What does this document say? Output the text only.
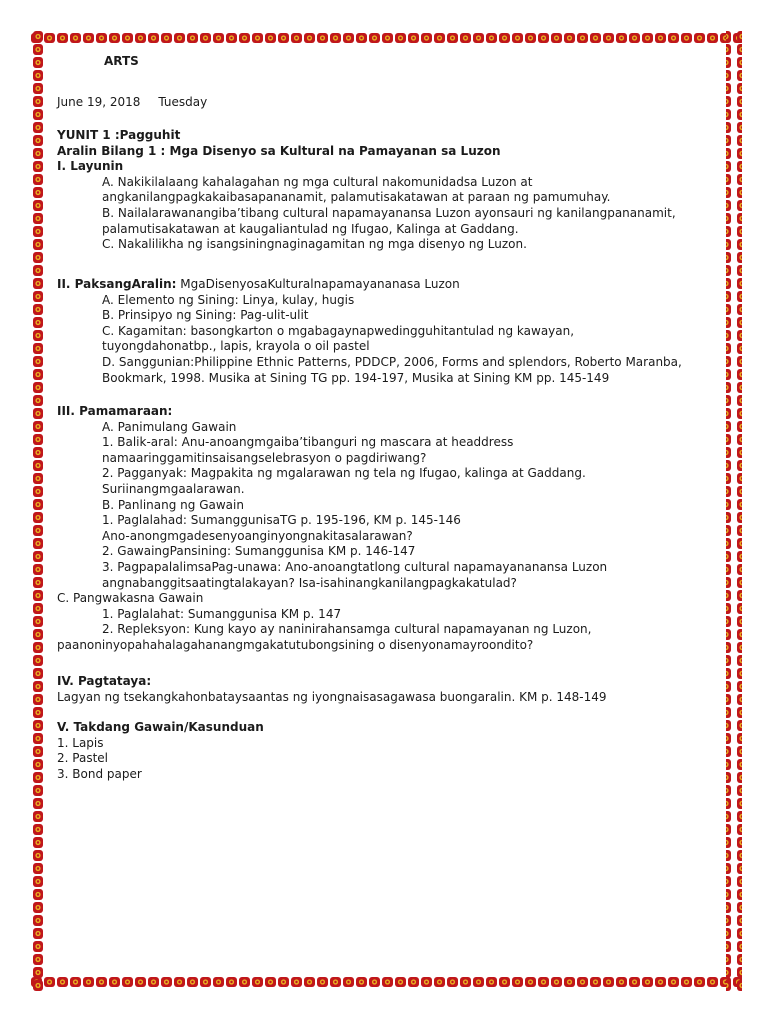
ARTS
June 19, 2018 Tuesday

YUNIT 1 :Pagguhit

Aralin Bilang 1 : Mga Disenyo sa Kultural na Pamayanan sa Luzon

I. Layunin

A. Nakikilalaang kahalagahan ng mga cultural nakomunidadsa Luzon at

angkanilangpagkakaibasapananamit, palamutisakatawan at paraan ng pamumuhay.

B. Nailalarawanangiba’tibang cultural napamayanansa Luzon ayonsauri ng kanilangpananamit,

palamutisakatawan at kaugaliantulad ng Ifugao, Kalinga at Gaddang.

C. Nakalilikha ng isangsiningnaginagamitan ng mga disenyo ng Luzon.

II. PaksangAralin: MgaDisenyosaKulturalnapamayananasa Luzon

A. Elemento ng Sining: Linya, kulay, hugis

B. Prinsipyo ng Sining: Pag-ulit-ulit

C. Kagamitan: basongkarton o mgabagaynapwedingguhitantulad ng kawayan,

tuyongdahonatbp., lapis, krayola o oil pastel

D. Sanggunian:Philippine Ethnic Patterns, PDDCP, 2006, Forms and splendors, Roberto Maranba,

Bookmark, 1998. Musika at Sining TG pp. 194-197, Musika at Sining KM pp. 145-149

III. Pamamaraan:

A. Panimulang Gawain

1. Balik-aral: Anu-anoangmgaiba’tibanguri ng mascara at headdress

namaaringgamitinsaisangselebrasyon o pagdiriwang?

2. Pagganyak: Magpakita ng mgalarawan ng tela ng Ifugao, kalinga at Gaddang.

Suriinangmgaalarawan.

B. Panlinang ng Gawain

1. Paglalahad: SumanggunisaTG p. 195-196, KM p. 145-146

Ano-anongmgadesenyoanginyongnakitasalarawan?

2. GawaingPansining: Sumanggunisa KM p. 146-147

3. PagpapalalimsaPag-unawa: Ano-anoangtatlong cultural napamayananansa Luzon

angnabanggitsaatingtalakayan? Isa-isahinangkanilangpagkakatulad?

C. Pangwakasna Gawain

1. Paglalahat: Sumanggunisa KM p. 147

2. Repleksyon: Kung kayo ay naninirahansamga cultural napamayanan ng Luzon,

paanoninyopahahalagahanangmgakatutubongsining o disenyonamayroondito?

IV. Pagtataya:

Lagyan ng tsekangkahonbataysaantas ng iyongnaisasagawasa buongaralin. KM p. 148-149

V. Takdang Gawain/Kasunduan

1. Lapis

2. Pastel

3. Bond paper
